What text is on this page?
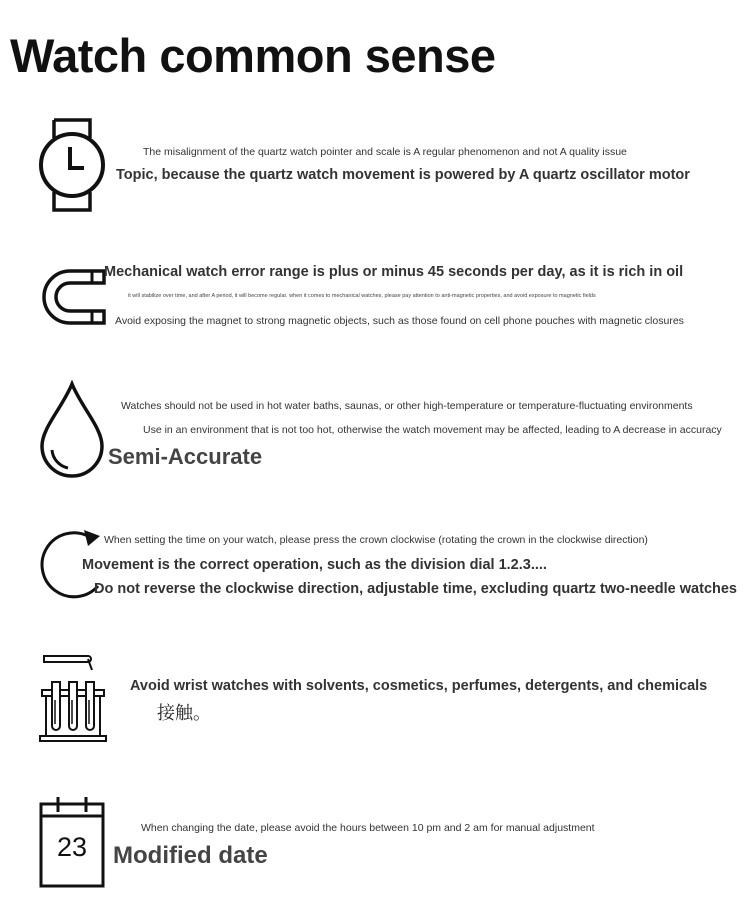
Watch common sense
The misalignment of the quartz watch pointer and scale is A regular phenomenon and not A quality issue
Topic, because the quartz watch movement is powered by A quartz oscillator motor
Mechanical watch error range is plus or minus 45 seconds per day, as it is rich in oil
it will stabilize over time, and after A period, it will become regular. when it comes to mechanical watches, please pay attention to anti-magnetic properties, and avoid exposure to magnetic fields
Avoid exposing the magnet to strong magnetic objects, such as those found on cell phone pouches with magnetic closures
Watches should not be used in hot water baths, saunas, or other high-temperature or temperature-fluctuating environments
Use in an environment that is not too hot, otherwise the watch movement may be affected, leading to A decrease in accuracy
Semi-Accurate
When setting the time on your watch, please press the crown clockwise (rotating the crown in the clockwise direction)
Movement is the correct operation, such as the division dial 1.2.3....
Do not reverse the clockwise direction, adjustable time, excluding quartz two-needle watches
Avoid wrist watches with solvents, cosmetics, perfumes, detergents, and chemicals
接触。
23
When changing the date, please avoid the hours between 10 pm and 2 am for manual adjustment
Modified date
